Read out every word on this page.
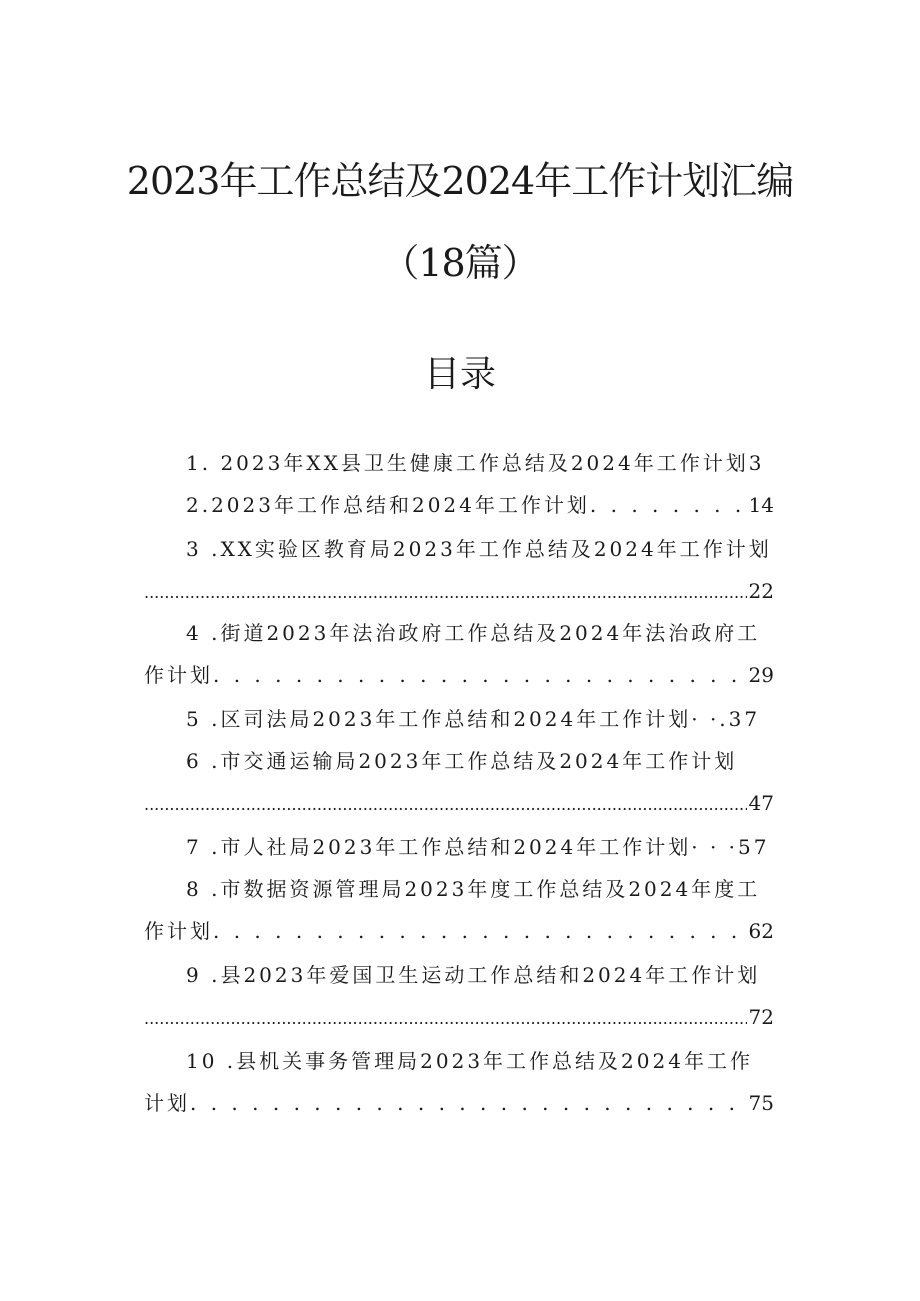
2023年工作总结及2024年工作计划汇编
（18篇）
目录
1. 2023年XX县卫生健康工作总结及2024年工作计划3
2.2023年工作总结和2024年工作计划 . . .	14
3 .XX实验区教育局2023年工作总结及2024年工作计划
.....
22
4 .街道2023年法治政府工作总结及2024年法治政府工
作计划 . . .	29
5 .区司法局2023年工作总结和2024年工作计划· ·.37
6 .市交通运输局2023年工作总结及2024年工作计划
.....
47
7 .市人社局2023年工作总结和2024年工作计划· · ·57
8 .市数据资源管理局2023年度工作总结及2024年度工
作计划 . . .	62
9 .县2023年爱国卫生运动工作总结和2024年工作计划
.....
72
10 .县机关事务管理局2023年工作总结及2024年工作
计划 . . .	75
